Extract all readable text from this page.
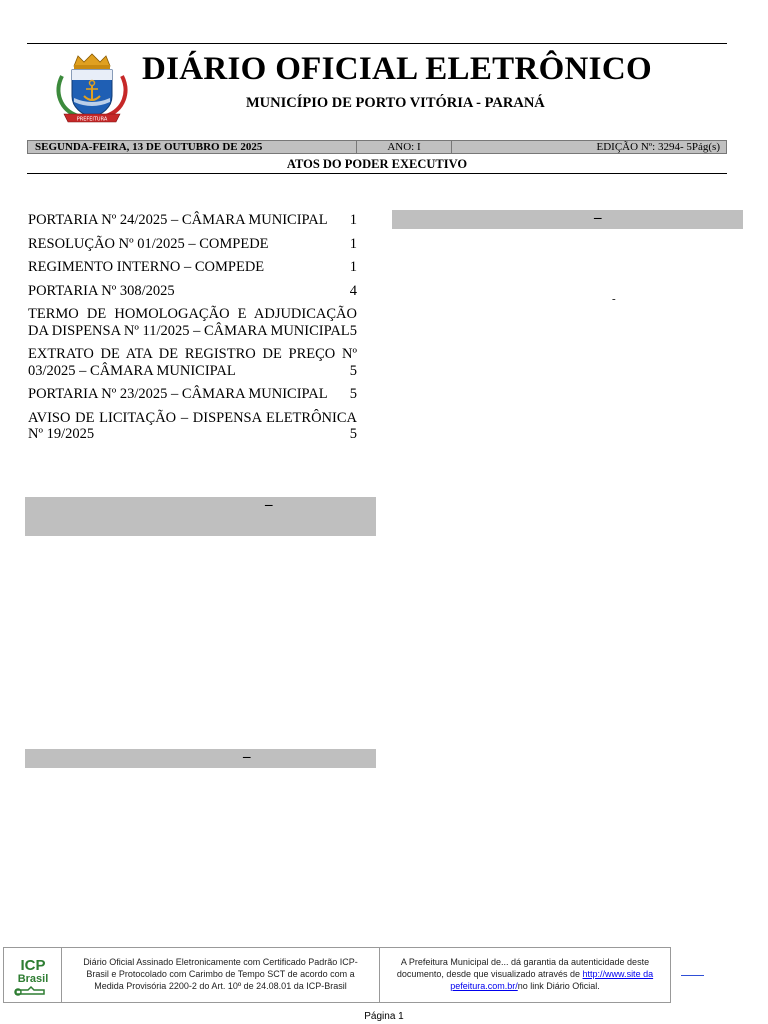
PREFEITURA
DIÁRIO OFICIAL ELETRÔNICO
MUNICÍPIO DE PORTO VITÓRIA - PARANÁ
SEGUNDA-FEIRA, 13 DE OUTUBRO DE 2025	ANO: I	EDIÇÃO Nº: 3294- 5Pág(s)
ATOS DO PODER EXECUTIVO
PORTARIA Nº 24/2025 – CÂMARA MUNICIPAL 1
RESOLUÇÃO Nº 01/2025 – COMPEDE	1
REGIMENTO INTERNO – COMPEDE	1
PORTARIA Nº 308/2025	4
TERMO DE HOMOLOGAÇÃO E ADJUDICAÇÃO DA DISPENSA Nº 11/2025 – CÂMARA MUNICIPAL 5
EXTRATO DE ATA DE REGISTRO DE PREÇO Nº 03/2025 – CÂMARA MUNICIPAL	5
PORTARIA Nº 23/2025 – CÂMARA MUNICIPAL 5
AVISO DE LICITAÇÃO – DISPENSA ELETRÔNICA Nº 19/2025	5
–
-
–
–
ICP
Brasil
Diário Oficial Assinado Eletronicamente com Certificado Padrão ICP-Brasil e Protocolado com Carimbo de Tempo SCT de acordo com a Medida Provisória 2200-2 do Art. 10º de 24.08.01 da ICP-Brasil
A Prefeitura Municipal de... dá garantia da autenticidade deste documento, desde que visualizado através de http://www.site da pefeitura.com.br/no link Diário Oficial.
Página 1
